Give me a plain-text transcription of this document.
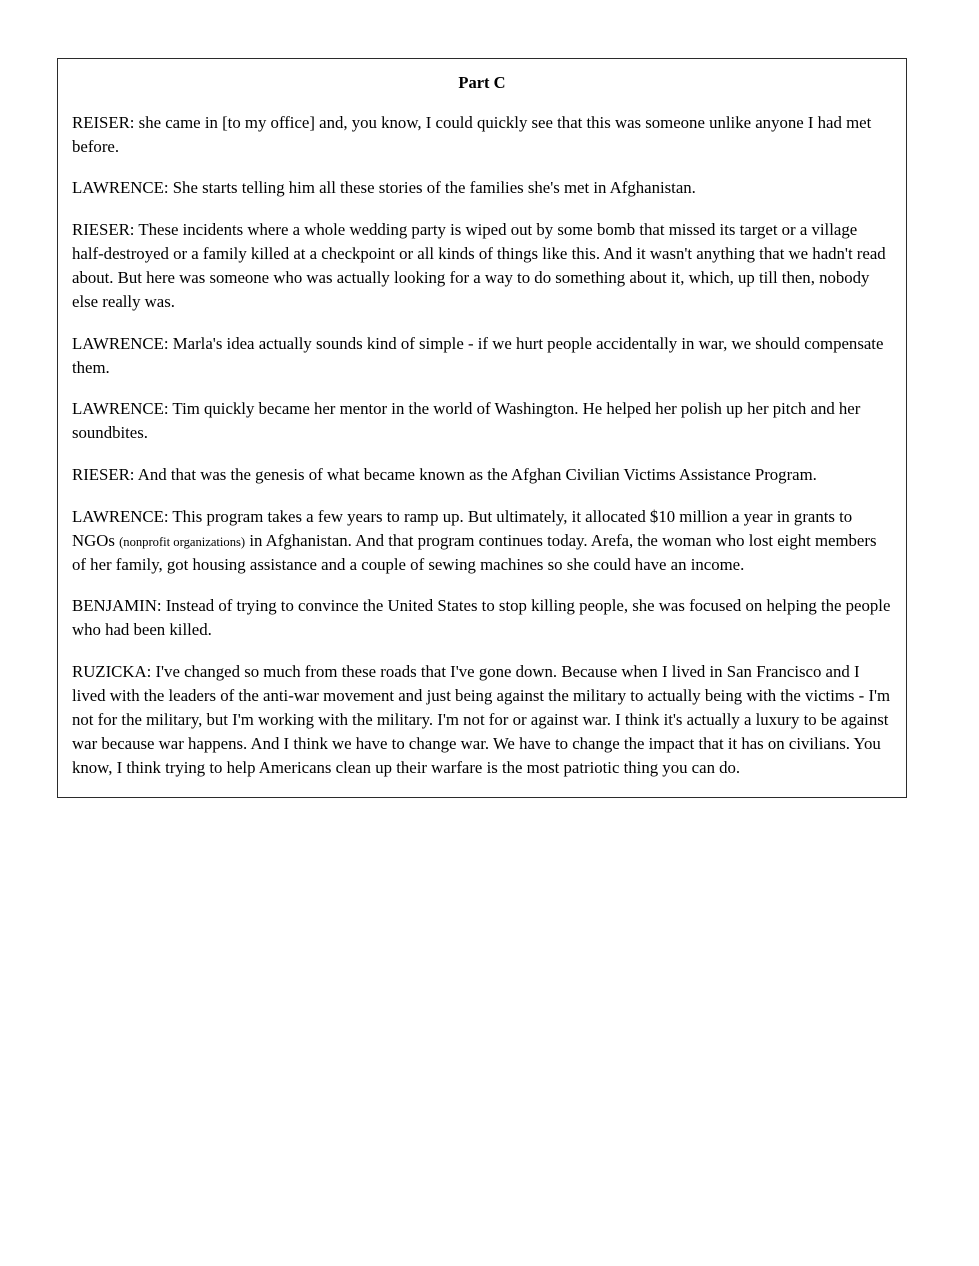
Part C

REISER: she came in [to my office] and, you know, I could quickly see that this was someone unlike anyone I had met before.

LAWRENCE: She starts telling him all these stories of the families she's met in Afghanistan.

RIESER: These incidents where a whole wedding party is wiped out by some bomb that missed its target or a village half-destroyed or a family killed at a checkpoint or all kinds of things like this. And it wasn't anything that we hadn't read about. But here was someone who was actually looking for a way to do something about it, which, up till then, nobody else really was.

LAWRENCE: Marla's idea actually sounds kind of simple - if we hurt people accidentally in war, we should compensate them.

LAWRENCE: Tim quickly became her mentor in the world of Washington. He helped her polish up her pitch and her soundbites.

RIESER: And that was the genesis of what became known as the Afghan Civilian Victims Assistance Program.

LAWRENCE: This program takes a few years to ramp up. But ultimately, it allocated $10 million a year in grants to NGOs (nonprofit organizations) in Afghanistan. And that program continues today. Arefa, the woman who lost eight members of her family, got housing assistance and a couple of sewing machines so she could have an income.

BENJAMIN: Instead of trying to convince the United States to stop killing people, she was focused on helping the people who had been killed.

RUZICKA: I've changed so much from these roads that I've gone down. Because when I lived in San Francisco and I lived with the leaders of the anti-war movement and just being against the military to actually being with the victims - I'm not for the military, but I'm working with the military. I'm not for or against war. I think it's actually a luxury to be against war because war happens. And I think we have to change war. We have to change the impact that it has on civilians. You know, I think trying to help Americans clean up their warfare is the most patriotic thing you can do.
